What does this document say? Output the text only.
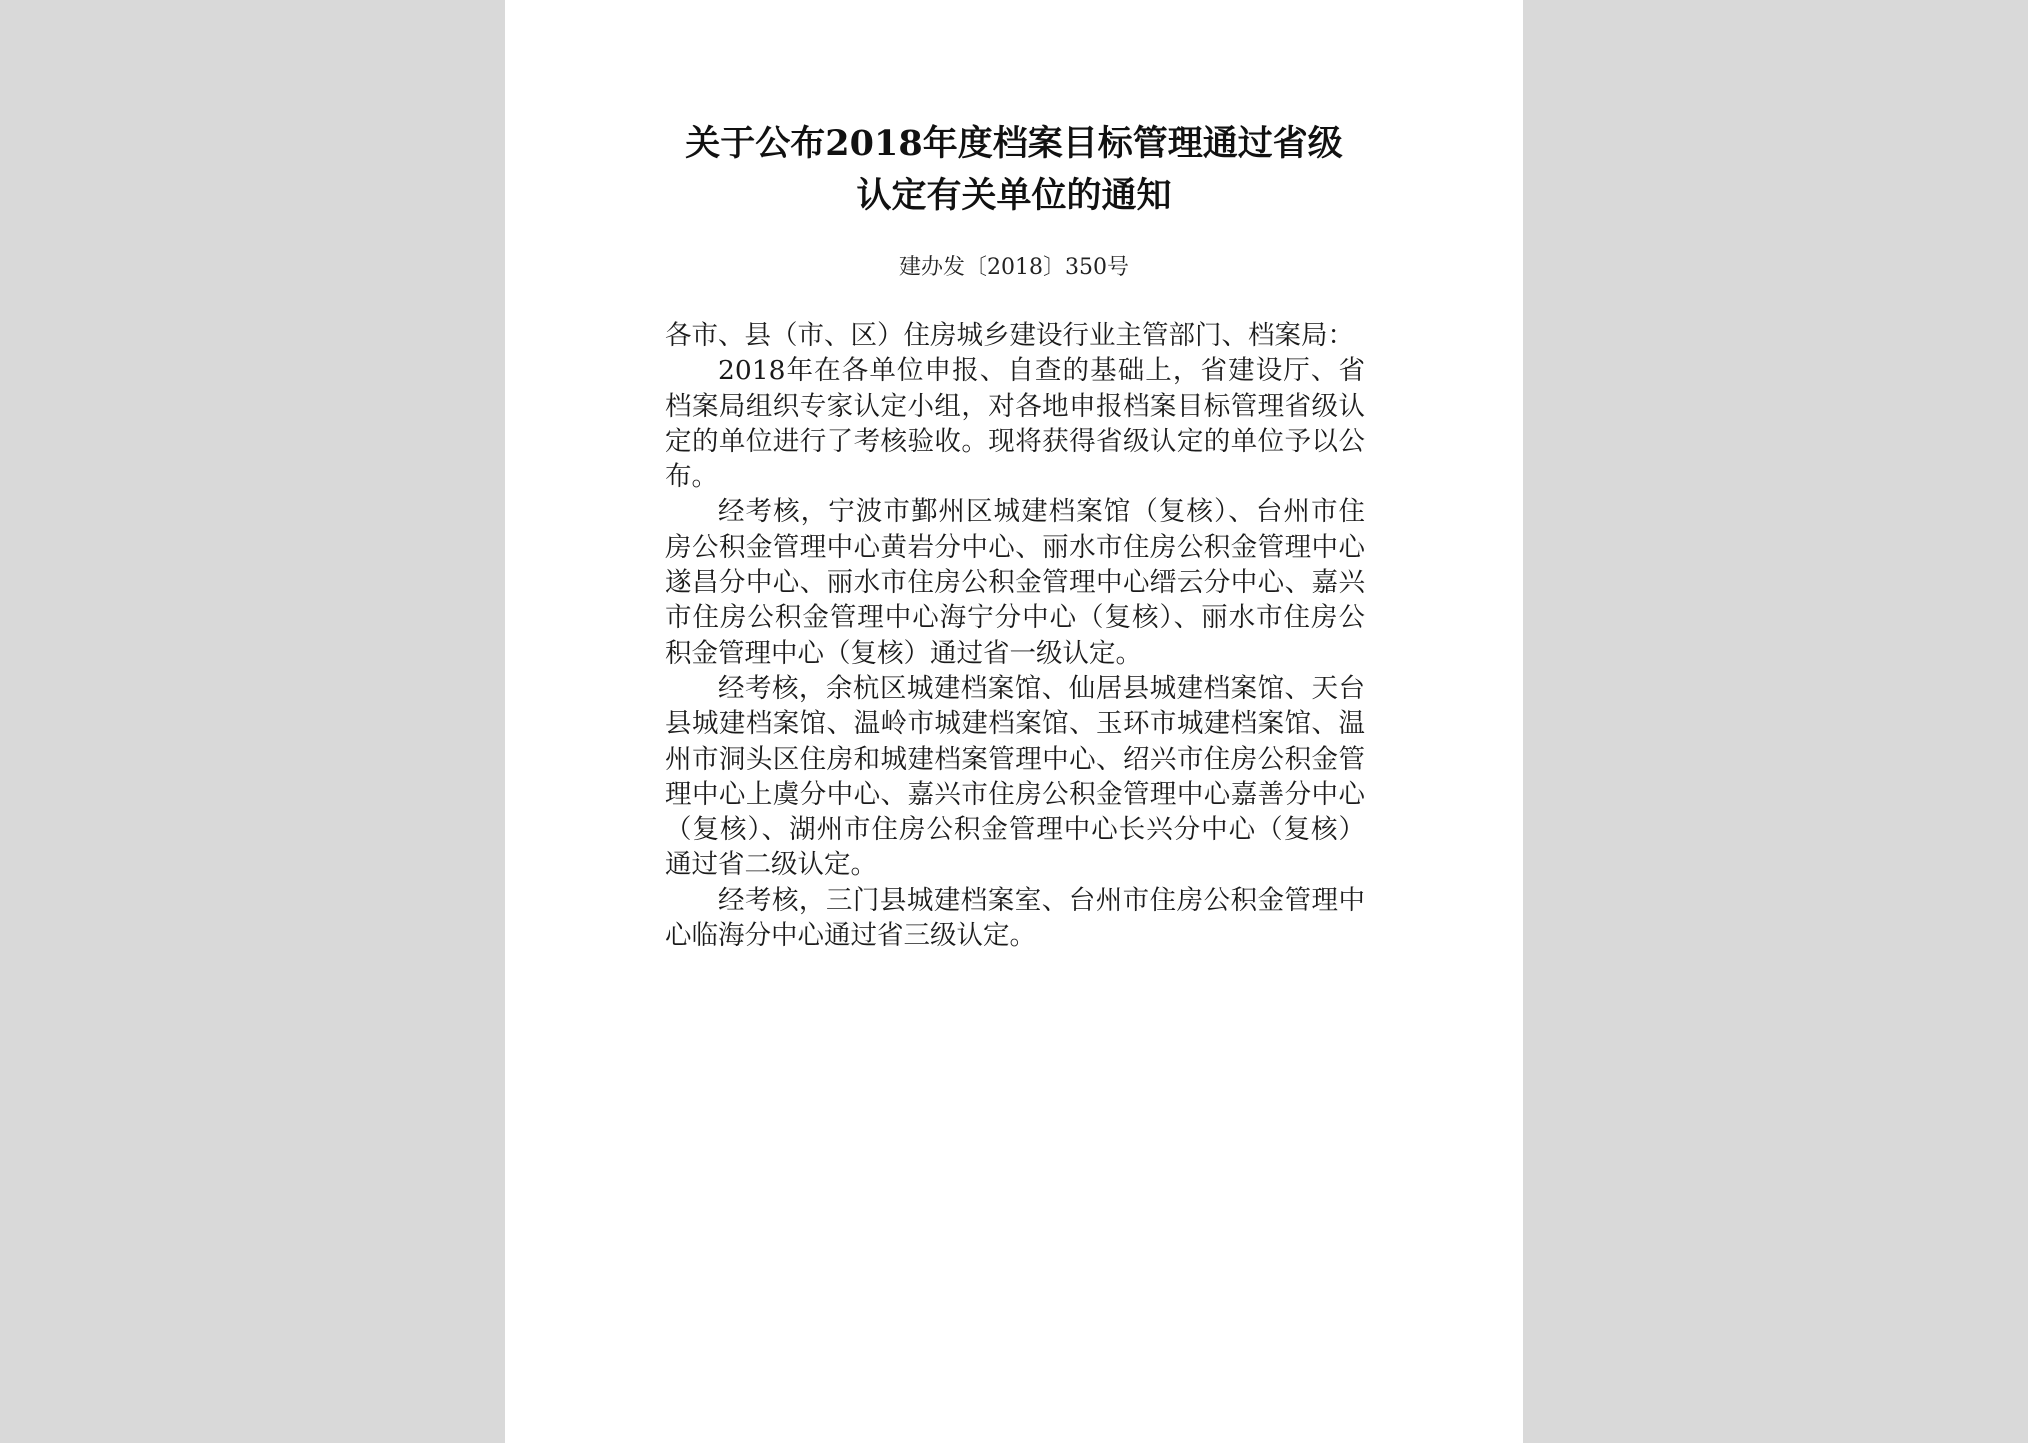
关于公布2018年度档案目标管理通过省级
认定有关单位的通知
建办发〔2018〕350号

各市、县（市、区）住房城乡建设行业主管部门、档案局：

2018年在各单位申报、自查的基础上，省建设厅、省档案局组织专家认定小组，对各地申报档案目标管理省级认定的单位进行了考核验收。现将获得省级认定的单位予以公布。

经考核，宁波市鄞州区城建档案馆（复核）、台州市住房公积金管理中心黄岩分中心、丽水市住房公积金管理中心遂昌分中心、丽水市住房公积金管理中心缙云分中心、嘉兴市住房公积金管理中心海宁分中心（复核）、丽水市住房公积金管理中心（复核）通过省一级认定。

经考核，余杭区城建档案馆、仙居县城建档案馆、天台县城建档案馆、温岭市城建档案馆、玉环市城建档案馆、温州市洞头区住房和城建档案管理中心、绍兴市住房公积金管理中心上虞分中心、嘉兴市住房公积金管理中心嘉善分中心（复核）、湖州市住房公积金管理中心长兴分中心（复核）通过省二级认定。

经考核，三门县城建档案室、台州市住房公积金管理中心临海分中心通过省三级认定。
